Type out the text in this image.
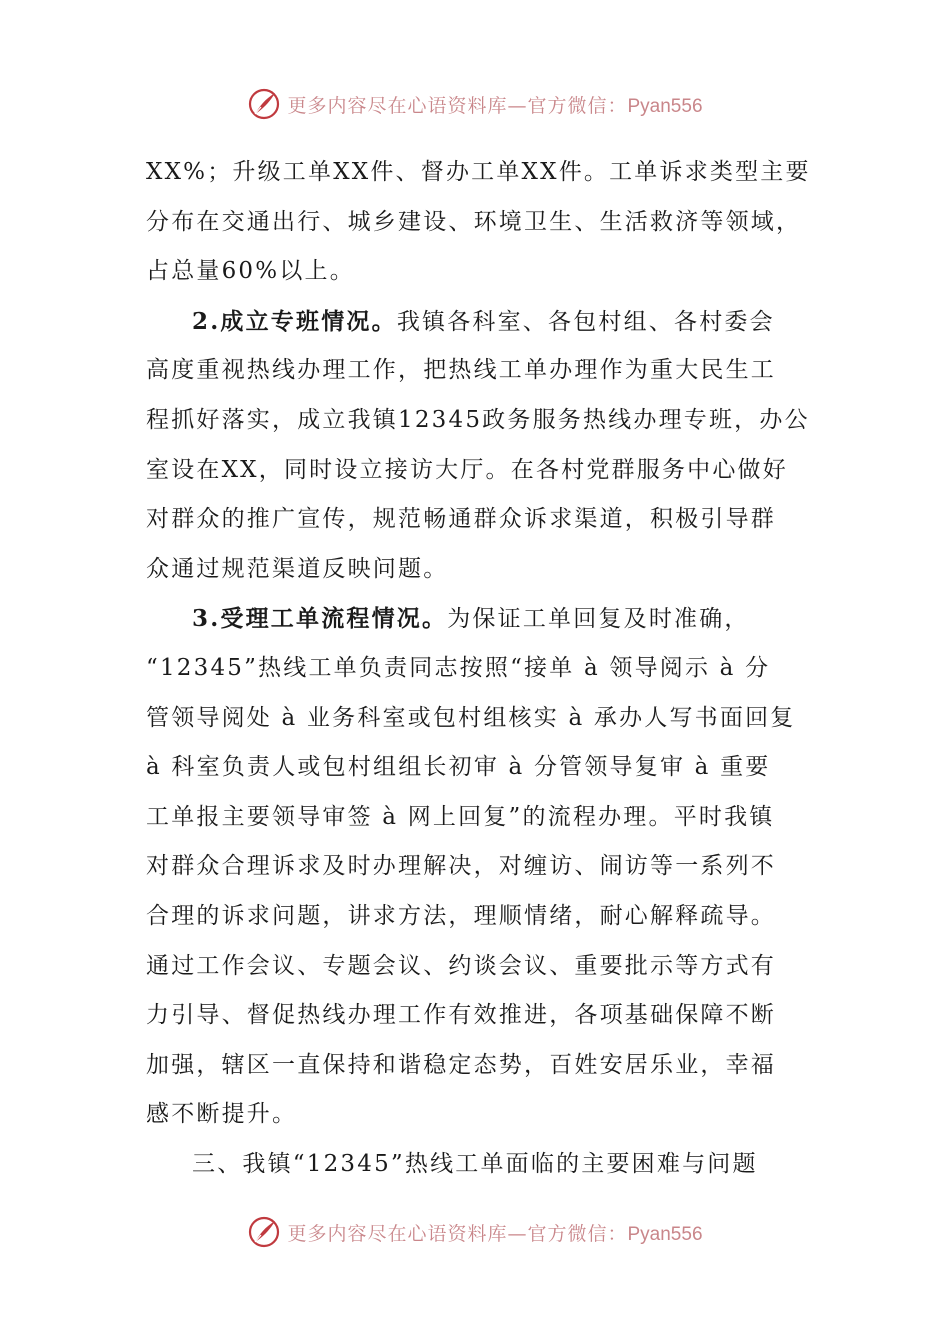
更多内容尽在心语资料库—官方微信：Pyan556
XX%；升级工单XX件、督办工单XX件。工单诉求类型主要
分布在交通出行、城乡建设、环境卫生、生活救济等领域，
占总量60%以上。
2.成立专班情况。我镇各科室、各包村组、各村委会
高度重视热线办理工作，把热线工单办理作为重大民生工
程抓好落实，成立我镇12345政务服务热线办理专班，办公
室设在XX，同时设立接访大厅。在各村党群服务中心做好
对群众的推广宣传，规范畅通群众诉求渠道，积极引导群
众通过规范渠道反映问题。
3.受理工单流程情况。为保证工单回复及时准确，
“12345”热线工单负责同志按照“接单 à 领导阅示 à 分
管领导阅处 à 业务科室或包村组核实 à 承办人写书面回复
à 科室负责人或包村组组长初审 à 分管领导复审 à 重要
工单报主要领导审签 à 网上回复”的流程办理。平时我镇
对群众合理诉求及时办理解决，对缠访、闹访等一系列不
合理的诉求问题，讲求方法，理顺情绪，耐心解释疏导。
通过工作会议、专题会议、约谈会议、重要批示等方式有
力引导、督促热线办理工作有效推进，各项基础保障不断
加强，辖区一直保持和谐稳定态势，百姓安居乐业，幸福
感不断提升。
三、我镇“12345”热线工单面临的主要困难与问题
更多内容尽在心语资料库—官方微信：Pyan556
